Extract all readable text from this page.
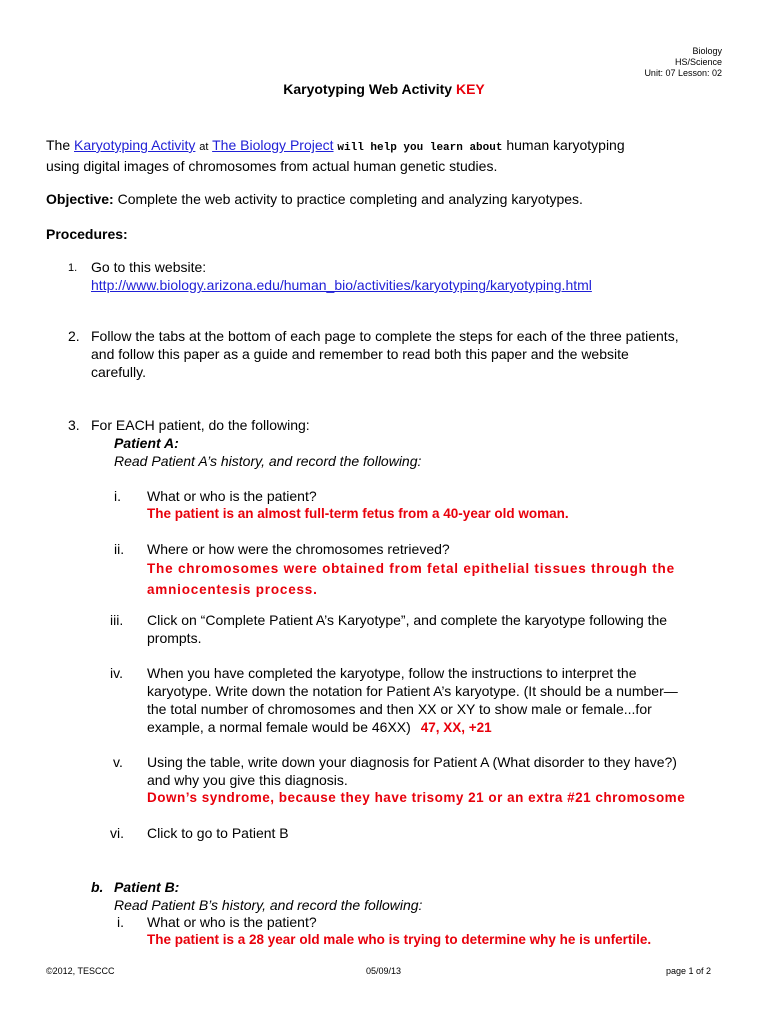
Biology
HS/Science
Unit: 07 Lesson: 02
Karyotyping Web Activity KEY
The Karyotyping Activity at The Biology Project will help you learn about human karyotyping
using digital images of chromosomes from actual human genetic studies.
Objective: Complete the web activity to practice completing and analyzing karyotypes.
Procedures:
1. Go to this website:
http://www.biology.arizona.edu/human_bio/activities/karyotyping/karyotyping.html
2. Follow the tabs at the bottom of each page to complete the steps for each of the three patients,
and follow this paper as a guide and remember to read both this paper and the website
carefully.
3. For EACH patient, do the following:
Patient A:
Read Patient A’s history, and record the following:
i. What or who is the patient?
The patient is an almost full-term fetus from a 40-year old woman.
ii. Where or how were the chromosomes retrieved?
The chromosomes were obtained from fetal epithelial tissues through the
amniocentesis process.
iii. Click on “Complete Patient A’s Karyotype”, and complete the karyotype following the
prompts.
iv. When you have completed the karyotype, follow the instructions to interpret the
karyotype. Write down the notation for Patient A’s karyotype. (It should be a number—
the total number of chromosomes and then XX or XY to show male or female...for
example, a normal female would be 46XX) 47, XX, +21
v. Using the table, write down your diagnosis for Patient A (What disorder to they have?)
and why you give this diagnosis.
Down’s syndrome, because they have trisomy 21 or an extra #21 chromosome
vi. Click to go to Patient B
b. Patient B:
Read Patient B’s history, and record the following:
i. What or who is the patient?
The patient is a 28 year old male who is trying to determine why he is unfertile.
©2012, TESCCC	05/09/13	page 1 of 2
